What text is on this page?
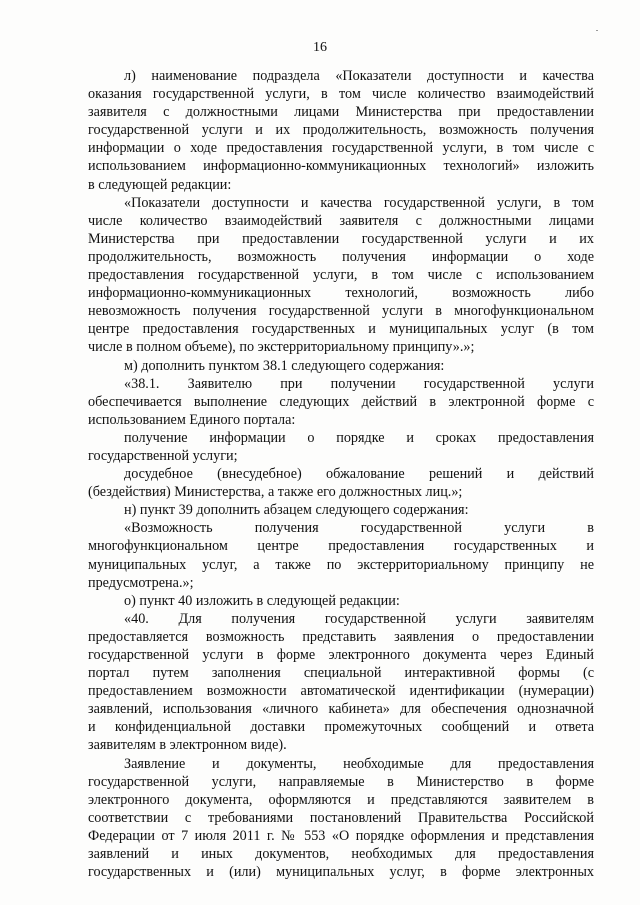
16
л) наименование подраздела «Показатели доступности и качества
оказания государственной услуги, в том числе количество взаимодействий
заявителя с должностными лицами Министерства при предоставлении
государственной услуги и их продолжительность, возможность получения
информации о ходе предоставления государственной услуги, в том числе с
использованием информационно-коммуникационных технологий» изложить
в следующей редакции:
«Показатели доступности и качества государственной услуги, в том
числе количество взаимодействий заявителя с должностными лицами
Министерства при предоставлении государственной услуги и их
продолжительность, возможность получения информации о ходе
предоставления государственной услуги, в том числе с использованием
информационно-коммуникационных технологий, возможность либо
невозможность получения государственной услуги в многофункциональном
центре предоставления государственных и муниципальных услуг (в том
числе в полном объеме), по экстерриториальному принципу».»;
м) дополнить пунктом 38.1 следующего содержания:
«38.1. Заявителю при получении государственной услуги
обеспечивается выполнение следующих действий в электронной форме с
использованием Единого портала:
получение информации о порядке и сроках предоставления
государственной услуги;
досудебное (внесудебное) обжалование решений и действий
(бездействия) Министерства, а также его должностных лиц.»;
н) пункт 39 дополнить абзацем следующего содержания:
«Возможность получения государственной услуги в
многофункциональном центре предоставления государственных и
муниципальных услуг, а также по экстерриториальному принципу не
предусмотрена.»;
о) пункт 40 изложить в следующей редакции:
«40. Для получения государственной услуги заявителям
предоставляется возможность представить заявления о предоставлении
государственной услуги в форме электронного документа через Единый
портал путем заполнения специальной интерактивной формы (с
предоставлением возможности автоматической идентификации (нумерации)
заявлений, использования «личного кабинета» для обеспечения однозначной
и конфиденциальной доставки промежуточных сообщений и ответа
заявителям в электронном виде).
Заявление и документы, необходимые для предоставления
государственной услуги, направляемые в Министерство в форме
электронного документа, оформляются и представляются заявителем в
соответствии с требованиями постановлений Правительства Российской
Федерации от 7 июля 2011 г. № 553 «О порядке оформления и представления
заявлений и иных документов, необходимых для предоставления
государственных и (или) муниципальных услуг, в форме электронных
